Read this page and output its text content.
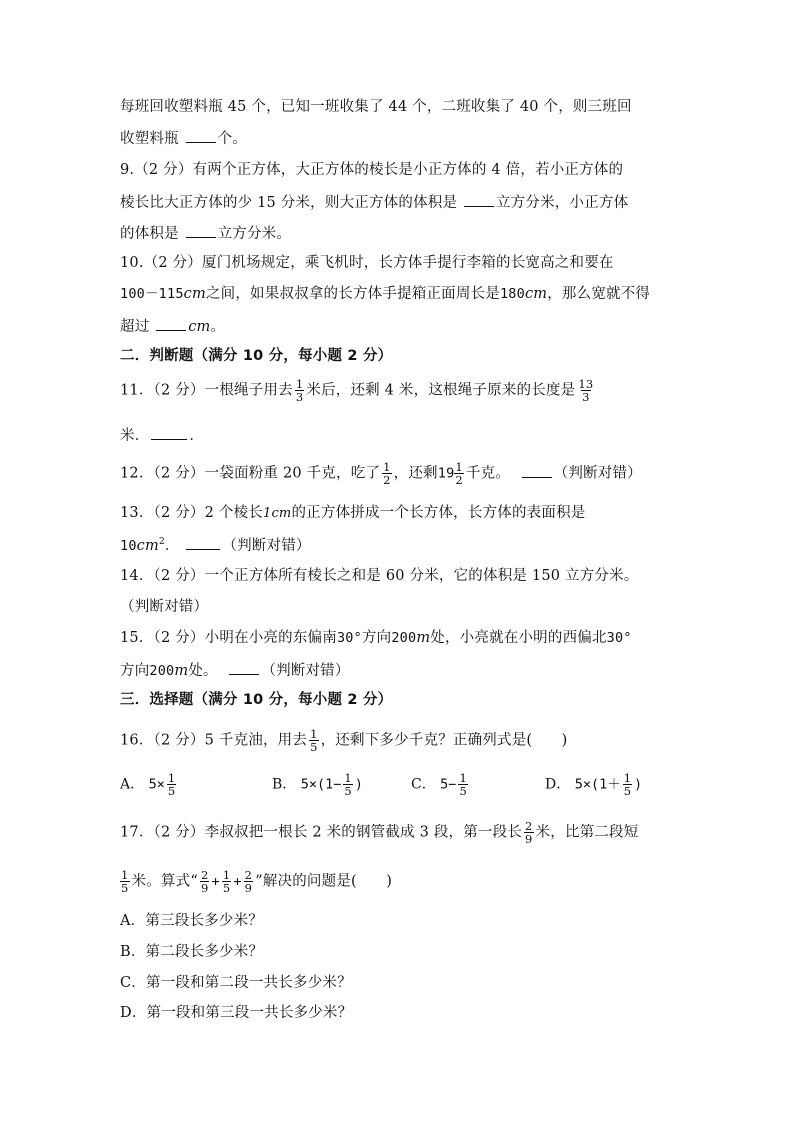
每班回收塑料瓶 45 个，已知一班收集了 44 个，二班收集了 40 个，则三班回
收塑料瓶 个。
9.（2 分）有两个正方体，大正方体的棱长是小正方体的 4 倍，若小正方体的
棱长比大正方体的少 15 分米，则大正方体的体积是 立方分米，小正方体
的体积是 立方分米。
10.（2 分）厦门机场规定，乘飞机时，长方体手提行李箱的长宽高之和要在
100－115cm之间，如果叔叔拿的长方体手提箱正面周长是180cm，那么宽就不得
超过 cm。
二．判断题（满分 10 分，每小题 2 分）
11．（2 分）一根绳子用去 $\frac{1}{3}$ 米后，还剩 4 米，这根绳子原来的长度是 $\frac{13}{3}$
米．	．
12．（2 分）一袋面粉重 20 千克，吃了 $\frac{1}{2}$ ，还剩$19 \frac{1}{2}$ 千克。	（判断对错）
13．（2 分）2 个棱长1cm的正方体拼成一个长方体，长方体的表面积是
$10cm^2$．	（判断对错）
14．（2 分）一个正方体所有棱长之和是 60 分米，它的体积是 150 立方分米。
（判断对错）
15．（2 分）小明在小亮的东偏南30°方向200m处，小亮就在小明的西偏北30°
方向200m处。	（判断对错）
三．选择题（满分 10 分，每小题 2 分）
16．（2 分）5 千克油，用去 $\frac{1}{5}$ ，还剩下多少千克？正确列式是(　　)
A． $5\times \frac{1}{5}$	B． $5\times(1- \frac{1}{5}$ )	C． $5- \frac{1}{5}$	D． $5\times(1+ \frac{1}{5}$ )
17．（2 分）李叔叔把一根长 2 米的钢管截成 3 段，第一段长 $\frac{2}{9}$ 米，比第二段短
$\frac{1}{5}$ 米。算式“ $\frac{2}{9} + \frac{1}{5} + \frac{2}{9}$ ”解决的问题是(　　)
A．第三段长多少米？
B．第二段长多少米？
C．第一段和第二段一共长多少米？
D．第一段和第三段一共长多少米？
